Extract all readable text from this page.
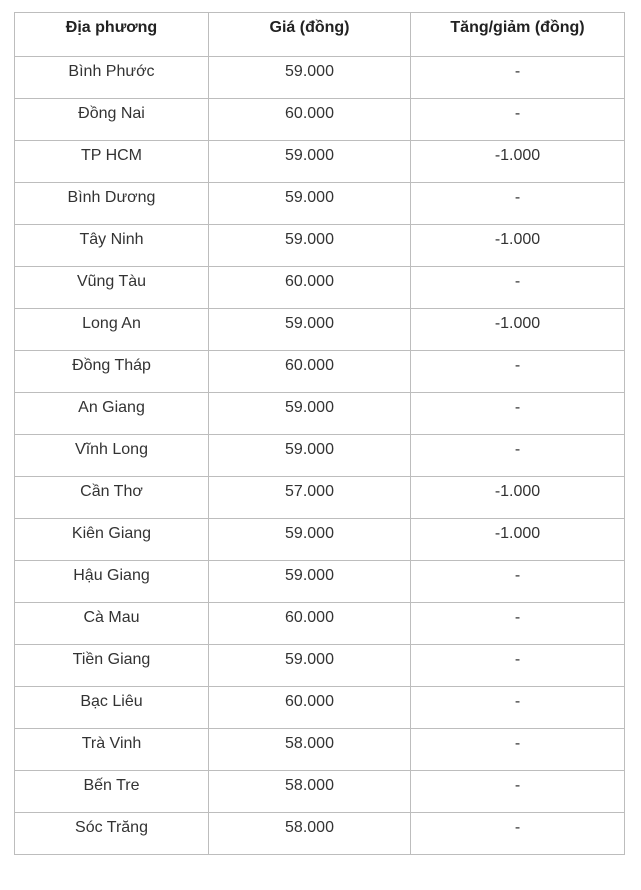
Địa phương	Giá (đồng)	Tăng/giảm (đồng)
Bình Phước	59.000	-
Đồng Nai	60.000	-
TP HCM	59.000	-1.000
Bình Dương	59.000	-
Tây Ninh	59.000	-1.000
Vũng Tàu	60.000	-
Long An	59.000	-1.000
Đồng Tháp	60.000	-
An Giang	59.000	-
Vĩnh Long	59.000	-
Cần Thơ	57.000	-1.000
Kiên Giang	59.000	-1.000
Hậu Giang	59.000	-
Cà Mau	60.000	-
Tiền Giang	59.000	-
Bạc Liêu	60.000	-
Trà Vinh	58.000	-
Bến Tre	58.000	-
Sóc Trăng	58.000	-
